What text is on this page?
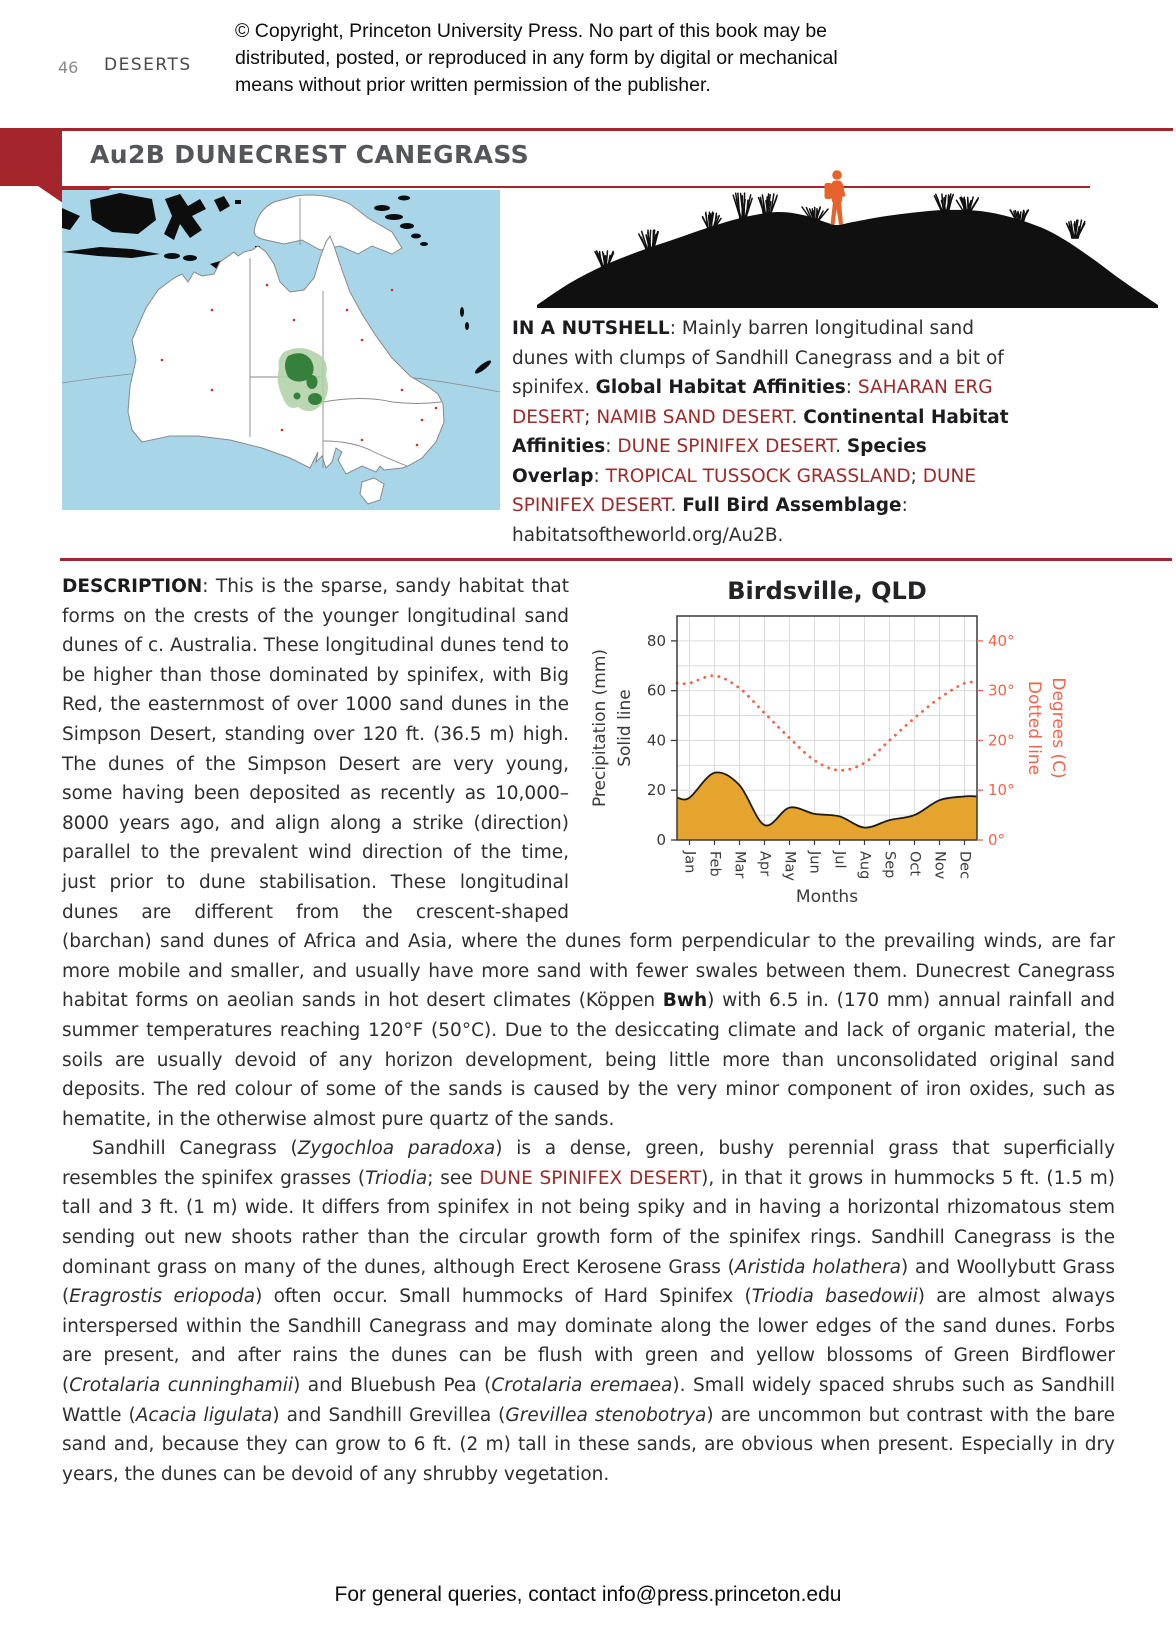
46 DESERTS
© Copyright, Princeton University Press. No part of this book may be
distributed, posted, or reproduced in any form by digital or mechanical
means without prior written permission of the publisher.
Au2B DUNECREST CANEGRASS
IN A NUTSHELL: Mainly barren longitudinal sand dunes with clumps of Sandhill Canegrass and a bit of spinifex. Global Habitat Affinities: SAHARAN ERG DESERT; NAMIB SAND DESERT. Continental Habitat Affinities: DUNE SPINIFEX DESERT. Species Overlap: TROPICAL TUSSOCK GRASSLAND; DUNE SPINIFEX DESERT. Full Bird Assemblage: habitatsoftheworld.org/Au2B.
0
20
40
60
80
0°
10°
20°
30°
40°
Jan Feb Mar Apr May Jun Jul Aug Sep Oct Nov Dec
Birdsville, QLD
Precipitation (mm) Solid line	Degrees (C)
Dotted line
Months

DESCRIPTION: This is the sparse, sandy habitat that forms on the crests of the younger longitudinal sand dunes of c. Australia. These longitudinal dunes tend to be higher than those dominated by spinifex, with Big Red, the easternmost of over 1000 sand dunes in the Simpson Desert, standing over 120 ft. (36.5 m) high. The dunes of the Simpson Desert are very young, some having been deposited as recently as 10,000–8000 years ago, and align along a strike (direction) parallel to the prevalent wind direction of the time, just prior to dune stabilisation. These longitudinal dunes are different from the crescent-shaped (barchan) sand dunes of Africa and Asia, where the dunes form perpendicular to the prevailing winds, are far more mobile and smaller, and usually have more sand with fewer swales between them. Dunecrest Canegrass habitat forms on aeolian sands in hot desert climates (Köppen Bwh) with 6.5 in. (170 mm) annual rainfall and summer temperatures reaching 120°F (50°C). Due to the desiccating climate and lack of organic material, the soils are usually devoid of any horizon development, being little more than unconsolidated original sand deposits. The red colour of some of the sands is caused by the very minor component of iron oxides, such as hematite, in the otherwise almost pure quartz of the sands.

Sandhill Canegrass (Zygochloa paradoxa) is a dense, green, bushy perennial grass that superficially resembles the spinifex grasses (Triodia; see DUNE SPINIFEX DESERT), in that it grows in hummocks 5 ft. (1.5 m) tall and 3 ft. (1 m) wide. It differs from spinifex in not being spiky and in having a horizontal rhizomatous stem sending out new shoots rather than the circular growth form of the spinifex rings. Sandhill Canegrass is the dominant grass on many of the dunes, although Erect Kerosene Grass (Aristida holathera) and Woollybutt Grass (Eragrostis eriopoda) often occur. Small hummocks of Hard Spinifex (Triodia basedowii) are almost always interspersed within the Sandhill Canegrass and may dominate along the lower edges of the sand dunes. Forbs are present, and after rains the dunes can be flush with green and yellow blossoms of Green Birdflower (Crotalaria cunninghamii) and Bluebush Pea (Crotalaria eremaea). Small widely spaced shrubs such as Sandhill Wattle (Acacia ligulata) and Sandhill Grevillea (Grevillea stenobotrya) are uncommon but contrast with the bare sand and, because they can grow to 6 ft. (2 m) tall in these sands, are obvious when present. Especially in dry years, the dunes can be devoid of any shrubby vegetation.

For general queries, contact info@press.princeton.edu
